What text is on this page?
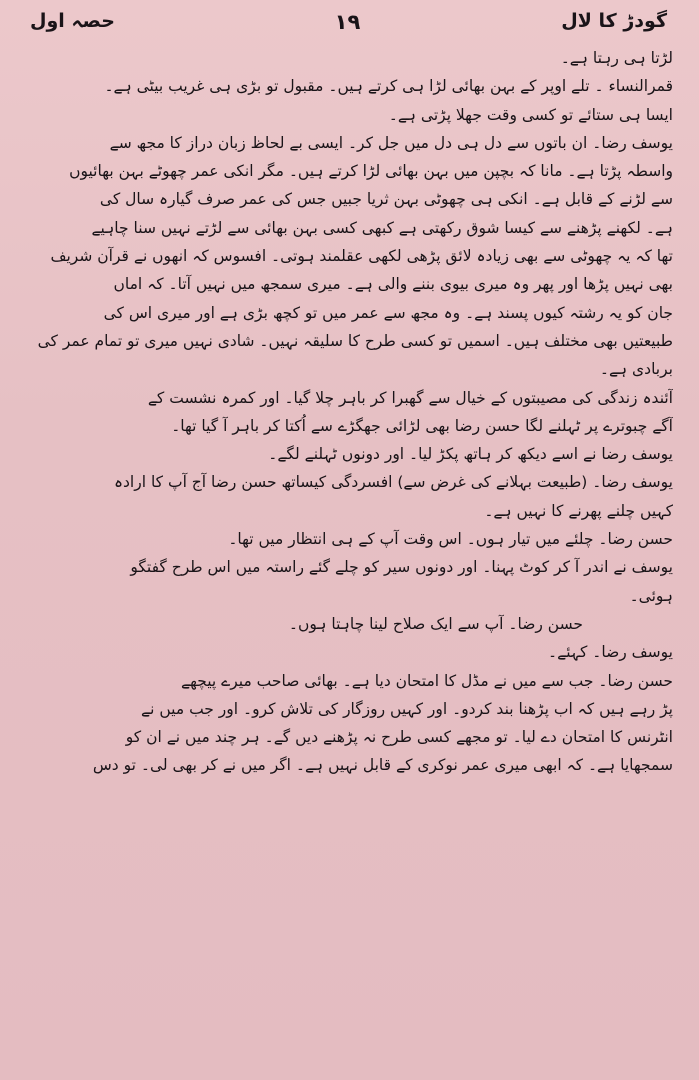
حصہ اول	۱۹	گودڑ کا لال
لڑتا ہی رہتا ہے۔
قمرالنساء ۔ تلے اوپر کے بہن بھائی لڑا ہی کرتے ہیں۔ مقبول تو بڑی ہی غریب بیٹی ہے۔
ایسا ہی ستائے تو کسی وقت جھلا پڑتی ہے۔
یوسف رضا۔ ان باتوں سے دل ہی دل میں جل کر۔ ایسی بے لحاظ زبان دراز کا مجھ سے
واسطہ پڑتا ہے۔ مانا کہ بچپن میں بہن بھائی لڑا کرتے ہیں۔ مگر انکی عمر چھوٹے بہن بھائیوں
سے لڑنے کے قابل ہے۔ انکی ہی چھوٹی بہن ثریا جبیں جس کی عمر صرف گیارہ سال کی
ہے۔ لکھنے پڑھنے سے کیسا شوق رکھتی ہے کبھی کسی بہن بھائی سے لڑتے نہیں سنا چاہیے
تھا کہ یہ چھوٹی سے بھی زیادہ لائق پڑھی لکھی عقلمند ہوتی۔ افسوس کہ انھوں نے قرآن شریف
بھی نہیں پڑھا اور پھر وہ میری بیوی بننے والی ہے۔ میری سمجھ میں نہیں آتا۔ کہ اماں
جان کو یہ رشتہ کیوں پسند ہے۔ وہ مجھ سے عمر میں تو کچھ بڑی ہے اور میری اس کی
طبیعتیں بھی مختلف ہیں۔ اسمیں تو کسی طرح کا سلیقہ نہیں۔ شادی نہیں میری تو تمام عمر کی
بربادی ہے۔
آئندہ زندگی کی مصیبتوں کے خیال سے گھبرا کر باہر چلا گیا۔ اور کمرہ نشست کے
آگے چبوترے پر ٹہلنے لگا حسن رضا بھی لڑائی جھگڑے سے اُکتا کر باہر آ گیا تھا۔
یوسف رضا نے اسے دیکھ کر ہاتھ پکڑ لیا۔ اور دونوں ٹہلنے لگے۔
یوسف رضا۔ (طبیعت بہلانے کی غرض سے) افسردگی کیساتھ حسن رضا آج آپ کا ارادہ
کہیں چلنے پھرنے کا نہیں ہے۔
حسن رضا۔ چلئے میں تیار ہوں۔ اس وقت آپ کے ہی انتظار میں تھا۔
یوسف نے اندر آ کر کوٹ پہنا۔ اور دونوں سیر کو چلے گئے راستہ میں اس طرح گفتگو
ہوئی۔
حسن رضا۔ آپ سے ایک صلاح لینا چاہتا ہوں۔
یوسف رضا۔ کہئے۔
حسن رضا۔ جب سے میں نے مڈل کا امتحان دیا ہے۔ بھائی صاحب میرے پیچھے
پڑ رہے ہیں کہ اب پڑھنا بند کردو۔ اور کہیں روزگار کی تلاش کرو۔ اور جب میں نے
انٹرنس کا امتحان دے لیا۔ تو مجھے کسی طرح نہ پڑھنے دیں گے۔ ہر چند میں نے ان کو
سمجھایا ہے۔ کہ ابھی میری عمر نوکری کے قابل نہیں ہے۔ اگر میں نے کر بھی لی۔ تو دس
